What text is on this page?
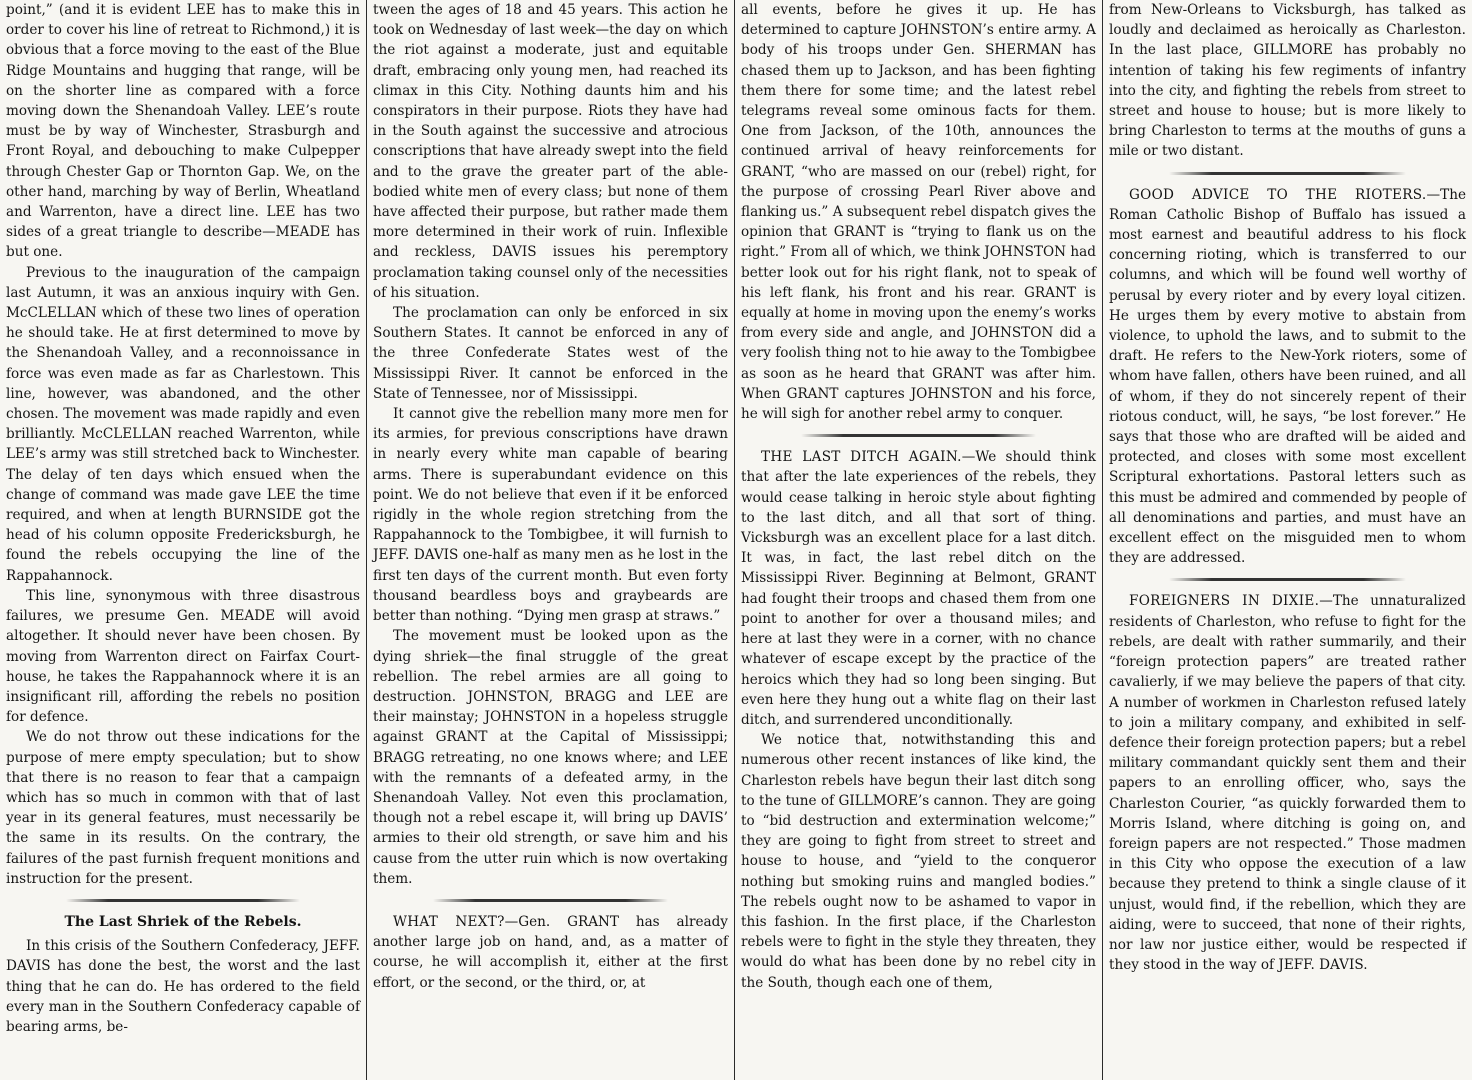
point,” (and it is evident LEE has to make this in order to cover his line of retreat to Richmond,) it is obvious that a force moving to the east of the Blue Ridge Mountains and hugging that range, will be on the shorter line as compared with a force moving down the Shenandoah Valley. LEE’s route must be by way of Winchester, Strasburgh and Front Royal, and debouching to make Culpepper through Chester Gap or Thornton Gap. We, on the other hand, marching by way of Berlin, Wheatland and Warrenton, have a direct line. LEE has two sides of a great triangle to describe—MEADE has but one.

Previous to the inauguration of the campaign last Autumn, it was an anxious inquiry with Gen. McCLELLAN which of these two lines of operation he should take. He at first determined to move by the Shenandoah Valley, and a reconnoissance in force was even made as far as Charlestown. This line, however, was abandoned, and the other chosen. The movement was made rapidly and even brilliantly. McCLELLAN reached Warrenton, while LEE’s army was still stretched back to Winchester. The delay of ten days which ensued when the change of command was made gave LEE the time required, and when at length BURNSIDE got the head of his column opposite Fredericksburgh, he found the rebels occupying the line of the Rappahannock.

This line, synonymous with three disastrous failures, we presume Gen. MEADE will avoid altogether. It should never have been chosen. By moving from Warrenton direct on Fairfax Court-house, he takes the Rappahannock where it is an insignificant rill, affording the rebels no position for defence.

We do not throw out these indications for the purpose of mere empty speculation; but to show that there is no reason to fear that a campaign which has so much in common with that of last year in its general features, must necessarily be the same in its results. On the contrary, the failures of the past furnish frequent monitions and instruction for the present.

The Last Shriek of the Rebels.

In this crisis of the Southern Confederacy, JEFF. DAVIS has done the best, the worst and the last thing that he can do. He has ordered to the field every man in the Southern Confederacy capable of bearing arms, be-

tween the ages of 18 and 45 years. This action he took on Wednesday of last week—the day on which the riot against a moderate, just and equitable draft, embracing only young men, had reached its climax in this City. Nothing daunts him and his conspirators in their purpose. Riots they have had in the South against the successive and atrocious conscriptions that have already swept into the field and to the grave the greater part of the able-bodied white men of every class; but none of them have affected their purpose, but rather made them more determined in their work of ruin. Inflexible and reckless, DAVIS issues his peremptory proclamation taking counsel only of the necessities of his situation.

The proclamation can only be enforced in six Southern States. It cannot be enforced in any of the three Confederate States west of the Mississippi River. It cannot be enforced in the State of Tennessee, nor of Mississippi.

It cannot give the rebellion many more men for its armies, for previous conscriptions have drawn in nearly every white man capable of bearing arms. There is superabundant evidence on this point. We do not believe that even if it be enforced rigidly in the whole region stretching from the Rappahannock to the Tombigbee, it will furnish to JEFF. DAVIS one-half as many men as he lost in the first ten days of the current month. But even forty thousand beardless boys and graybeards are better than nothing. “Dying men grasp at straws.”

The movement must be looked upon as the dying shriek—the final struggle of the great rebellion. The rebel armies are all going to destruction. JOHNSTON, BRAGG and LEE are their mainstay; JOHNSTON in a hopeless struggle against GRANT at the Capital of Mississippi; BRAGG retreating, no one knows where; and LEE with the remnants of a defeated army, in the Shenandoah Valley. Not even this proclamation, though not a rebel escape it, will bring up DAVIS’ armies to their old strength, or save him and his cause from the utter ruin which is now overtaking them.

WHAT NEXT?—Gen. GRANT has already another large job on hand, and, as a matter of course, he will accomplish it, either at the first effort, or the second, or the third, or, at

all events, before he gives it up. He has determined to capture JOHNSTON’s entire army. A body of his troops under Gen. SHERMAN has chased them up to Jackson, and has been fighting them there for some time; and the latest rebel telegrams reveal some ominous facts for them. One from Jackson, of the 10th, announces the continued arrival of heavy reinforcements for GRANT, “who are massed on our (rebel) right, for the purpose of crossing Pearl River above and flanking us.” A subsequent rebel dispatch gives the opinion that GRANT is “trying to flank us on the right.” From all of which, we think JOHNSTON had better look out for his right flank, not to speak of his left flank, his front and his rear. GRANT is equally at home in moving upon the enemy’s works from every side and angle, and JOHNSTON did a very foolish thing not to hie away to the Tombigbee as soon as he heard that GRANT was after him. When GRANT captures JOHNSTON and his force, he will sigh for another rebel army to conquer.

THE LAST DITCH AGAIN.—We should think that after the late experiences of the rebels, they would cease talking in heroic style about fighting to the last ditch, and all that sort of thing. Vicksburgh was an excellent place for a last ditch. It was, in fact, the last rebel ditch on the Mississippi River. Beginning at Belmont, GRANT had fought their troops and chased them from one point to another for over a thousand miles; and here at last they were in a corner, with no chance whatever of escape except by the practice of the heroics which they had so long been singing. But even here they hung out a white flag on their last ditch, and surrendered unconditionally.

We notice that, notwithstanding this and numerous other recent instances of like kind, the Charleston rebels have begun their last ditch song to the tune of GILLMORE’s cannon. They are going to “bid destruction and extermination welcome;” they are going to fight from street to street and house to house, and “yield to the conqueror nothing but smoking ruins and mangled bodies.” The rebels ought now to be ashamed to vapor in this fashion. In the first place, if the Charleston rebels were to fight in the style they threaten, they would do what has been done by no rebel city in the South, though each one of them,

from New-Orleans to Vicksburgh, has talked as loudly and declaimed as heroically as Charleston. In the last place, GILLMORE has probably no intention of taking his few regiments of infantry into the city, and fighting the rebels from street to street and house to house; but is more likely to bring Charleston to terms at the mouths of guns a mile or two distant.

GOOD ADVICE TO THE RIOTERS.—The Roman Catholic Bishop of Buffalo has issued a most earnest and beautiful address to his flock concerning rioting, which is transferred to our columns, and which will be found well worthy of perusal by every rioter and by every loyal citizen. He urges them by every motive to abstain from violence, to uphold the laws, and to submit to the draft. He refers to the New-York rioters, some of whom have fallen, others have been ruined, and all of whom, if they do not sincerely repent of their riotous conduct, will, he says, “be lost forever.” He says that those who are drafted will be aided and protected, and closes with some most excellent Scriptural exhortations. Pastoral letters such as this must be admired and commended by people of all denominations and parties, and must have an excellent effect on the misguided men to whom they are addressed.

FOREIGNERS IN DIXIE.—The unnaturalized residents of Charleston, who refuse to fight for the rebels, are dealt with rather summarily, and their “foreign protection papers” are treated rather cavalierly, if we may believe the papers of that city. A number of workmen in Charleston refused lately to join a military company, and exhibited in self-defence their foreign protection papers; but a rebel military commandant quickly sent them and their papers to an enrolling officer, who, says the Charleston Courier, “as quickly forwarded them to Morris Island, where ditching is going on, and foreign papers are not respected.” Those madmen in this City who oppose the execution of a law because they pretend to think a single clause of it unjust, would find, if the rebellion, which they are aiding, were to succeed, that none of their rights, nor law nor justice either, would be respected if they stood in the way of JEFF. DAVIS.
